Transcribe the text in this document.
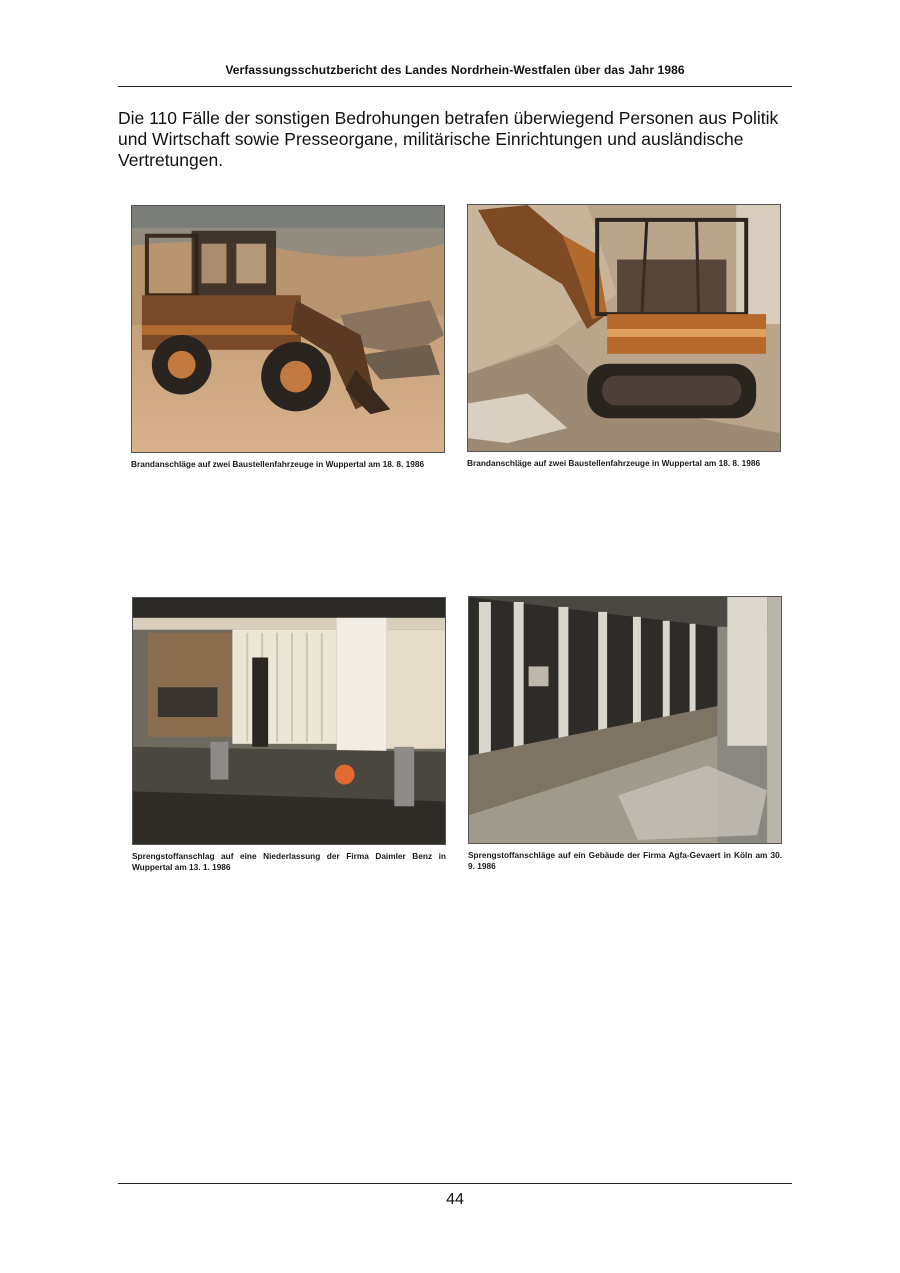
Verfassungsschutzbericht des Landes Nordrhein-Westfalen über das Jahr 1986

Die 110 Fälle der sonstigen Bedrohungen betrafen überwiegend Personen aus Politik und Wirtschaft sowie Presseorgane, militärische Einrichtungen und ausländische Vertretungen.

Brandanschläge auf zwei Baustellenfahrzeuge in Wuppertal am 18. 8. 1986	Brandanschläge auf zwei Baustellenfahrzeuge in Wuppertal am 18. 8. 1986
Sprengstoffanschlag auf eine Niederlassung der Firma Daimler Benz in Wuppertal am 13. 1. 1986
Sprengstoffanschläge auf ein Gebäude der Firma Agfa-Gevaert in Köln am 30. 9. 1986
44
